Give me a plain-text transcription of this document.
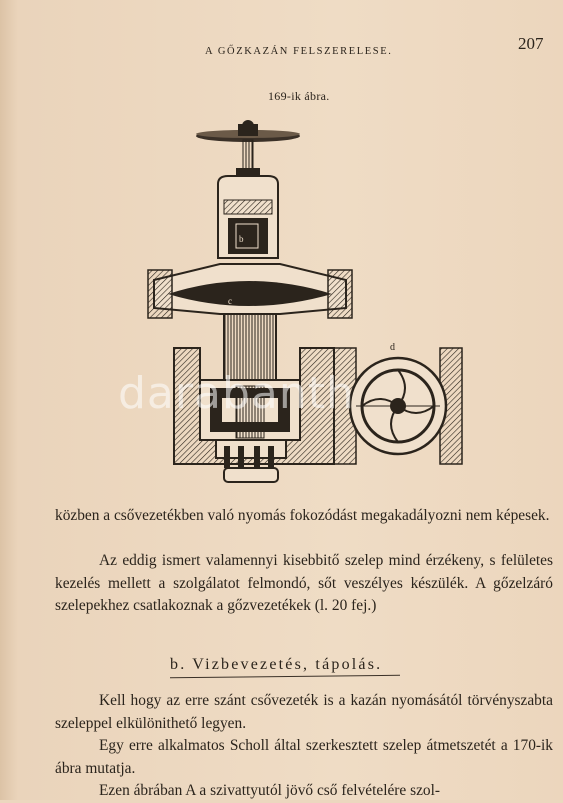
A GŐZKAZÁN FELSZERELESE.	207
169-ik ábra.
b
c
d
darabanth

közben a csővezetékben való nyomás fokozódást megakadályozni nem képesek.

Az eddig ismert valamennyi kisebbitő szelep mind érzékeny, s felületes kezelés mellett a szolgálatot felmondó, sőt veszélyes készülék. A gőzelzáró szelepekhez csatlakoznak a gőzvezetékek (l. 20 fej.)

b. Vizbevezetés, tápolás.

Kell hogy az erre szánt csővezeték is a kazán nyomásától törvényszabta szeleppel elkülönithető legyen.

Egy erre alkalmatos Scholl által szerkesztett szelep átmetszetét a 170-ik ábra mutatja.

Ezen ábrában A a szivattyutól jövő cső felvételére szol-
